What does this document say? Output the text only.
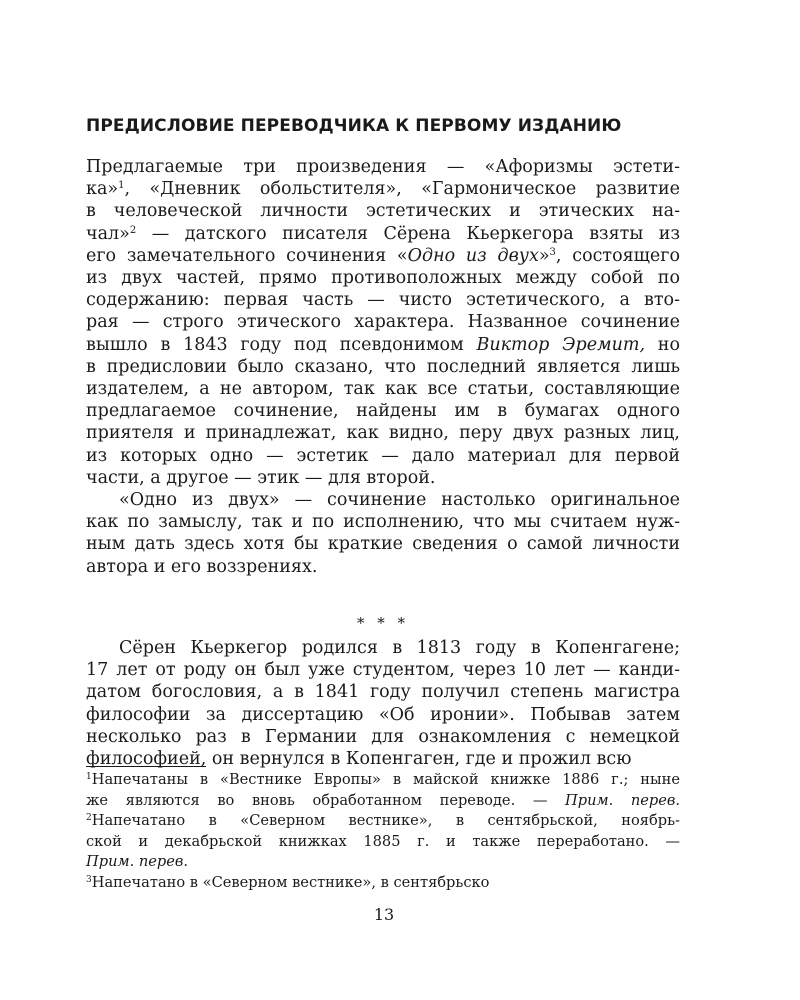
ПРЕДИСЛОВИЕ ПЕРЕВОДЧИКА К ПЕРВОМУ ИЗДАНИЮ
Предлагаемые три произведения — «Афоризмы эстети-
ка»$^1$, «Дневник обольстителя», «Гармоническое развитие
в человеческой личности эстетических и этических на-
чал»$^2$ — датского писателя Сёрена Кьеркегора взяты из
его замечательного сочинения «Одно из двух»$^3$, состоящего
из двух частей, прямо противоположных между собой по
содержанию: первая часть — чисто эстетического, а вто-
рая — строго этического характера. Названное сочинение
вышло в 1843 году под псевдонимом Виктор Эремит, но
в предисловии было сказано, что последний является лишь
издателем, а не автором, так как все статьи, составляющие
предлагаемое сочинение, найдены им в бумагах одного
приятеля и принадлежат, как видно, перу двух разных лиц,
из которых одно — эстетик — дало материал для первой
части, а другое — этик — для второй.
«Одно из двух» — сочинение настолько оригинальное
как по замыслу, так и по исполнению, что мы считаем нуж-
ным дать здесь хотя бы краткие сведения о самой личности
автора и его воззрениях.
* * *
Сёрен Кьеркегор родился в 1813 году в Копенгагене;
17 лет от роду он был уже студентом, через 10 лет — канди-
датом богословия, а в 1841 году получил степень магистра
философии за диссертацию «Об иронии». Побывав затем
несколько раз в Германии для ознакомления с немецкой
философией, он вернулся в Копенгаген, где и прожил всю
$^1$Напечатаны в «Вестнике Европы» в майской книжке 1886 г.; ныне
же являются во вновь обработанном переводе. — Прим. перев.
$^2$Напечатано в «Северном вестнике», в сентябрьской, ноябрь-
ской и декабрьской книжках 1885 г. и также переработано. —
Прим. перев.
$^3$Напечатано в «Северном вестнике», в сентябрьско
13
